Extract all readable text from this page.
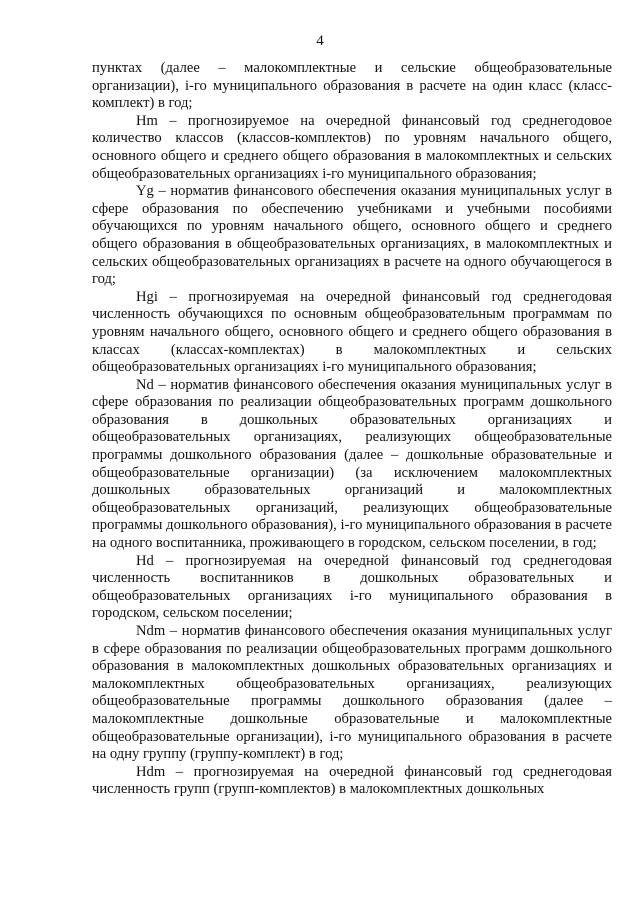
4

пунктах (далее – малокомплектные и сельские общеобразовательные организации), i-го муниципального образования в расчете на один класс (класс-комплект) в год;

Hm – прогнозируемое на очередной финансовый год среднегодовое количество классов (классов-комплектов) по уровням начального общего, основного общего и среднего общего образования в малокомплектных и сельских общеобразовательных организациях i-го муниципального образования;

Yg – норматив финансового обеспечения оказания муниципальных услуг в сфере образования по обеспечению учебниками и учебными пособиями обучающихся по уровням начального общего, основного общего и среднего общего образования в общеобразовательных организациях, в малокомплектных и сельских общеобразовательных организациях в расчете на одного обучающегося в год;

Hgi – прогнозируемая на очередной финансовый год среднегодовая численность обучающихся по основным общеобразовательным программам по уровням начального общего, основного общего и среднего общего образования в классах (классах-комплектах) в малокомплектных и сельских общеобразовательных организациях i-го муниципального образования;

Nd – норматив финансового обеспечения оказания муниципальных услуг в сфере образования по реализации общеобразовательных программ дошкольного образования в дошкольных образовательных организациях и общеобразовательных организациях, реализующих общеобразовательные программы дошкольного образования (далее – дошкольные образовательные и общеобразовательные организации) (за исключением малокомплектных дошкольных образовательных организаций и малокомплектных общеобразовательных организаций, реализующих общеобразовательные программы дошкольного образования), i-го муниципального образования в расчете на одного воспитанника, проживающего в городском, сельском поселении, в год;

Hd – прогнозируемая на очередной финансовый год среднегодовая численность воспитанников в дошкольных образовательных и общеобразовательных организациях i-го муниципального образования в городском, сельском поселении;

Ndm – норматив финансового обеспечения оказания муниципальных услуг в сфере образования по реализации общеобразовательных программ дошкольного образования в малокомплектных дошкольных образовательных организациях и малокомплектных общеобразовательных организациях, реализующих общеобразовательные программы дошкольного образования (далее – малокомплектные дошкольные образовательные и малокомплектные общеобразовательные организации), i-го муниципального образования в расчете на одну группу (группу-комплект) в год;

Hdm – прогнозируемая на очередной финансовый год среднегодовая численность групп (групп-комплектов) в малокомплектных дошкольных
